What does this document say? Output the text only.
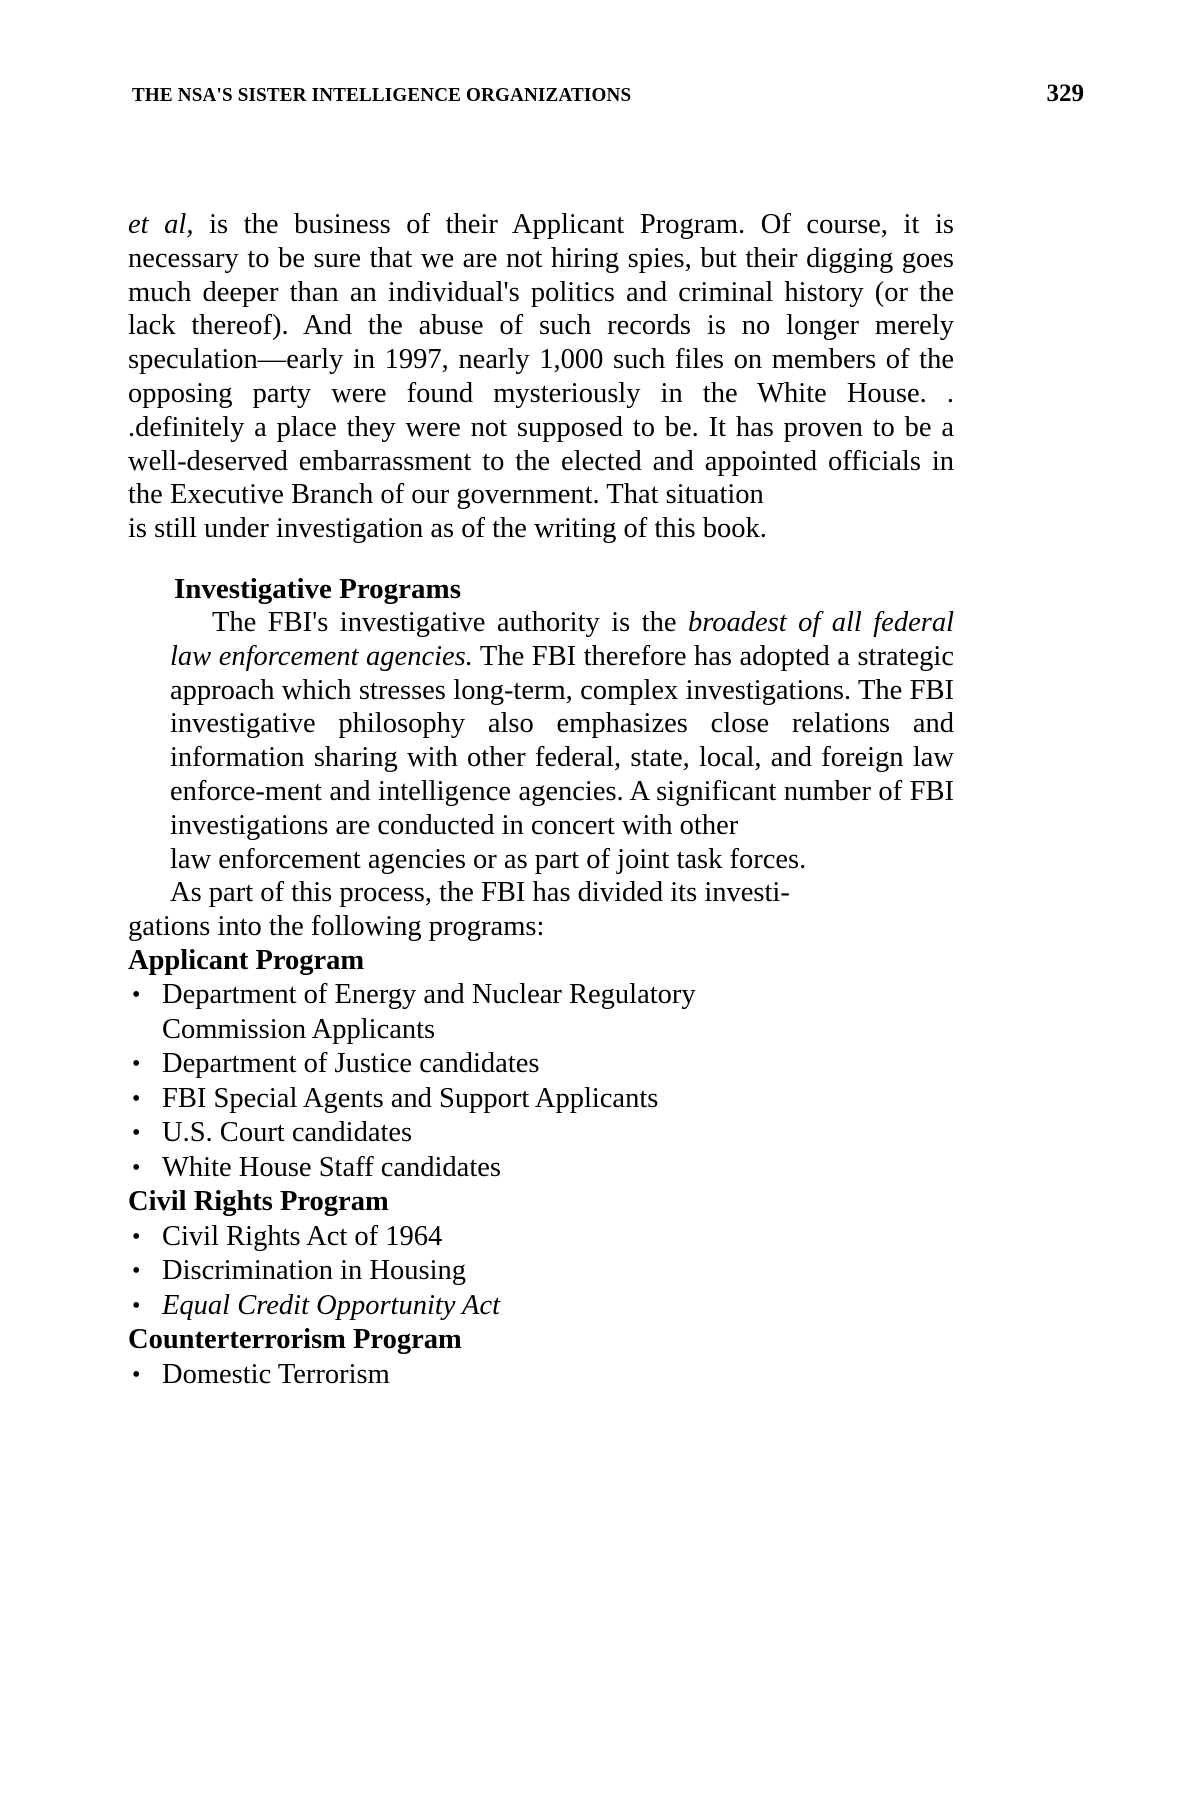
THE NSA'S SISTER INTELLIGENCE ORGANIZATIONS	329

et al, is the business of their Applicant Program. Of course, it is necessary to be sure that we are not hiring spies, but their digging goes much deeper than an individual's politics and criminal history (or the lack thereof). And the abuse of such records is no longer merely speculation—early in 1997, nearly 1,000 such files on members of the opposing party were found mysteriously in the White House. . .definitely a place they were not supposed to be. It has proven to be a well-deserved embarrassment to the elected and appointed officials in the Executive Branch of our government. That situation

is still under investigation as of the writing of this book.

Investigative Programs

The FBI's investigative authority is the broadest of all federal law enforcement agencies. The FBI therefore has adopted a strategic approach which stresses long-term, complex investigations. The FBI investigative philosophy also emphasizes close relations and information sharing with other federal, state, local, and foreign law enforce-ment and intelligence agencies. A significant number of FBI investigations are conducted in concert with other

law enforcement agencies or as part of joint task forces.

As part of this process, the FBI has divided its investi-

gations into the following programs:

Applicant Program
• Department of Energy and Nuclear Regulatory
Commission Applicants
• Department of Justice candidates
• FBI Special Agents and Support Applicants
• U.S. Court candidates
• White House Staff candidates
Civil Rights Program
• Civil Rights Act of 1964
• Discrimination in Housing
• Equal Credit Opportunity Act
Counterterrorism Program
• Domestic Terrorism
